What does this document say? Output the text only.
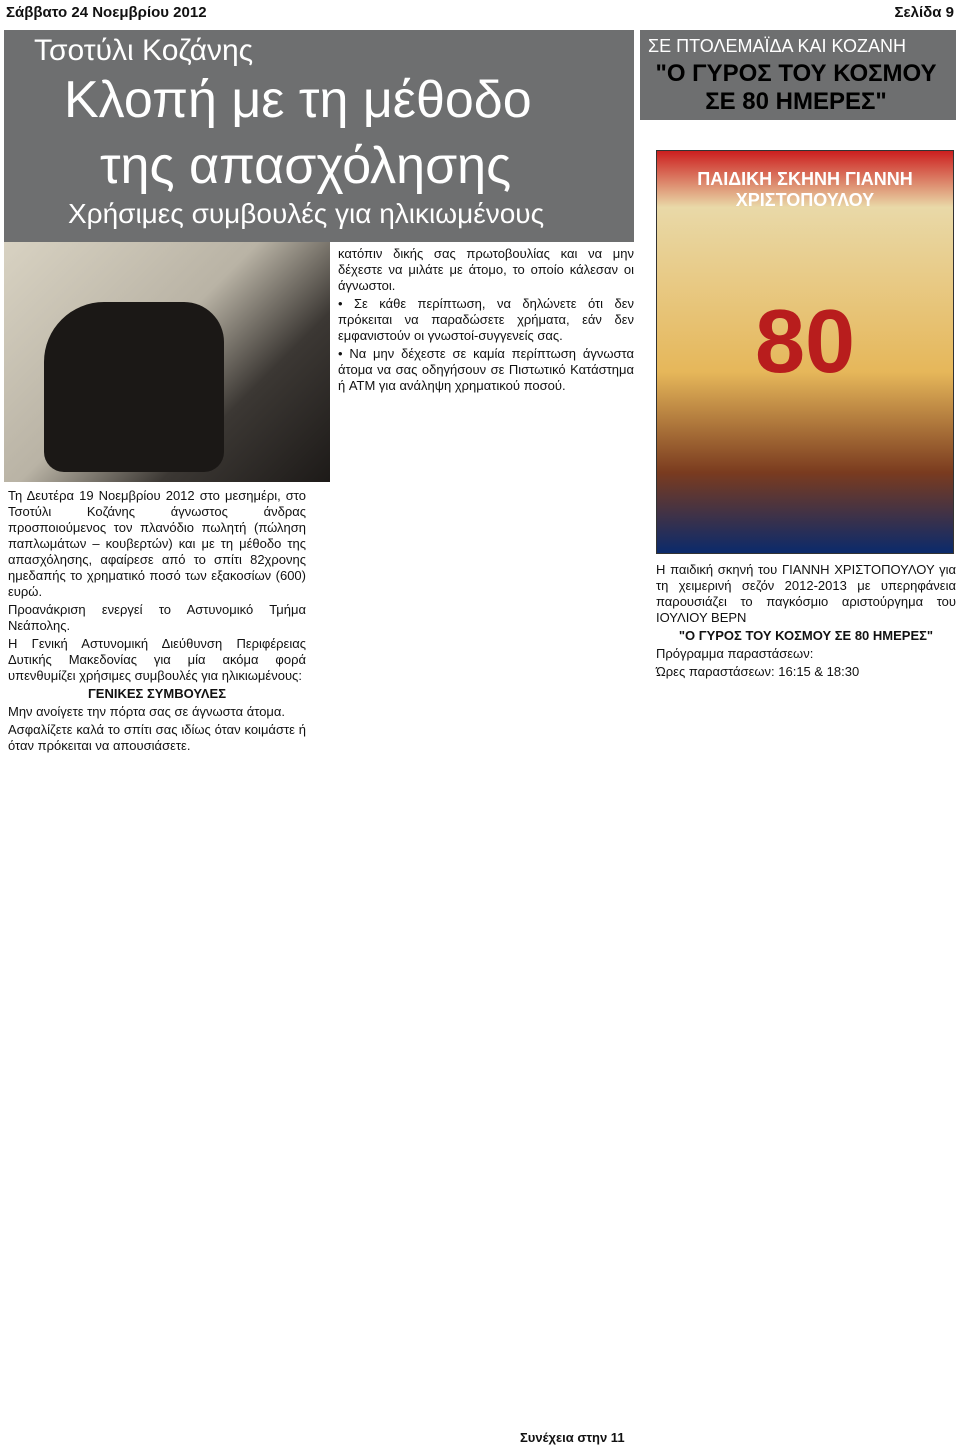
Σάββατο 24 Νοεμβρίου 2012	Σελίδα 9
Τσοτύλι Κοζάνης
Κλοπή με τη μέθοδο
της απασχόλησης
Χρήσιμες συμβουλές για ηλικιωμένους

Τη Δευτέρα 19 Νοεμβρίου 2012 στο μεσημέρι, στο Τσοτύλι Κοζάνης άγνωστος άνδρας προσποιούμενος τον πλανόδιο πωλητή (πώληση παπλωμάτων – κουβερτών) και με τη μέθοδο της απασχόλησης, αφαίρεσε από το σπίτι 82χρονης ημεδαπής το χρηματικό ποσό των εξακοσίων (600) ευρώ.

Προανάκριση ενεργεί το Αστυνομικό Τμήμα Νεάπολης.

Η Γενική Αστυνομική Διεύθυνση Περιφέρειας Δυτικής Μακεδονίας για μία ακόμα φορά υπενθυμίζει χρήσιμες συμβουλές για ηλικιωμένους:

ΓΕΝΙΚΕΣ ΣΥΜΒΟΥΛΕΣ

Μην ανοίγετε την πόρτα σας σε άγνωστα άτομα.

Ασφαλίζετε καλά το σπίτι σας ιδίως όταν κοιμάστε ή όταν πρόκειται να απουσιάσετε.

κατόπιν δικής σας πρωτοβουλίας και να μην δέχεστε να μιλάτε με άτομο, το οποίο κάλεσαν οι άγνωστοι.

• Σε κάθε περίπτωση, να δηλώνετε ότι δεν πρόκειται να παραδώσετε χρήματα, εάν δεν εμφανιστούν οι γνωστοί-συγγενείς σας.

• Να μην δέχεστε σε καμία περίπτωση άγνωστα άτομα να σας οδηγήσουν σε Πιστωτικό Κατάστημα ή ATM για ανάληψη χρηματικού ποσού.

ΣΕ ΠΤΟΛΕΜΑΪΔΑ ΚΑΙ ΚΟΖΑΝΗ
"Ο ΓΥΡΟΣ ΤΟΥ ΚΟΣΜΟΥ ΣΕ 80 ΗΜΕΡΕΣ"
ΠΑΙΔΙΚΗ ΣΚΗΝΗ ΓΙΑΝΝΗ ΧΡΙΣΤΟΠΟΥΛΟΥ
80

Η παιδική σκηνή του ΓΙΑΝΝΗ ΧΡΙΣΤΟΠΟΥΛΟΥ για τη χειμερινή σεζόν 2012-2013 με υπερηφάνεια παρουσιάζει το παγκόσμιο αριστούργημα του ΙΟΥΛΙΟΥ ΒΕΡΝ

"Ο ΓΥΡΟΣ ΤΟΥ ΚΟΣΜΟΥ ΣΕ 80 ΗΜΕΡΕΣ"

Πρόγραμμα παραστάσεων:

Ώρες παραστάσεων: 16:15 & 18:30

Συνέχεια στην 11
